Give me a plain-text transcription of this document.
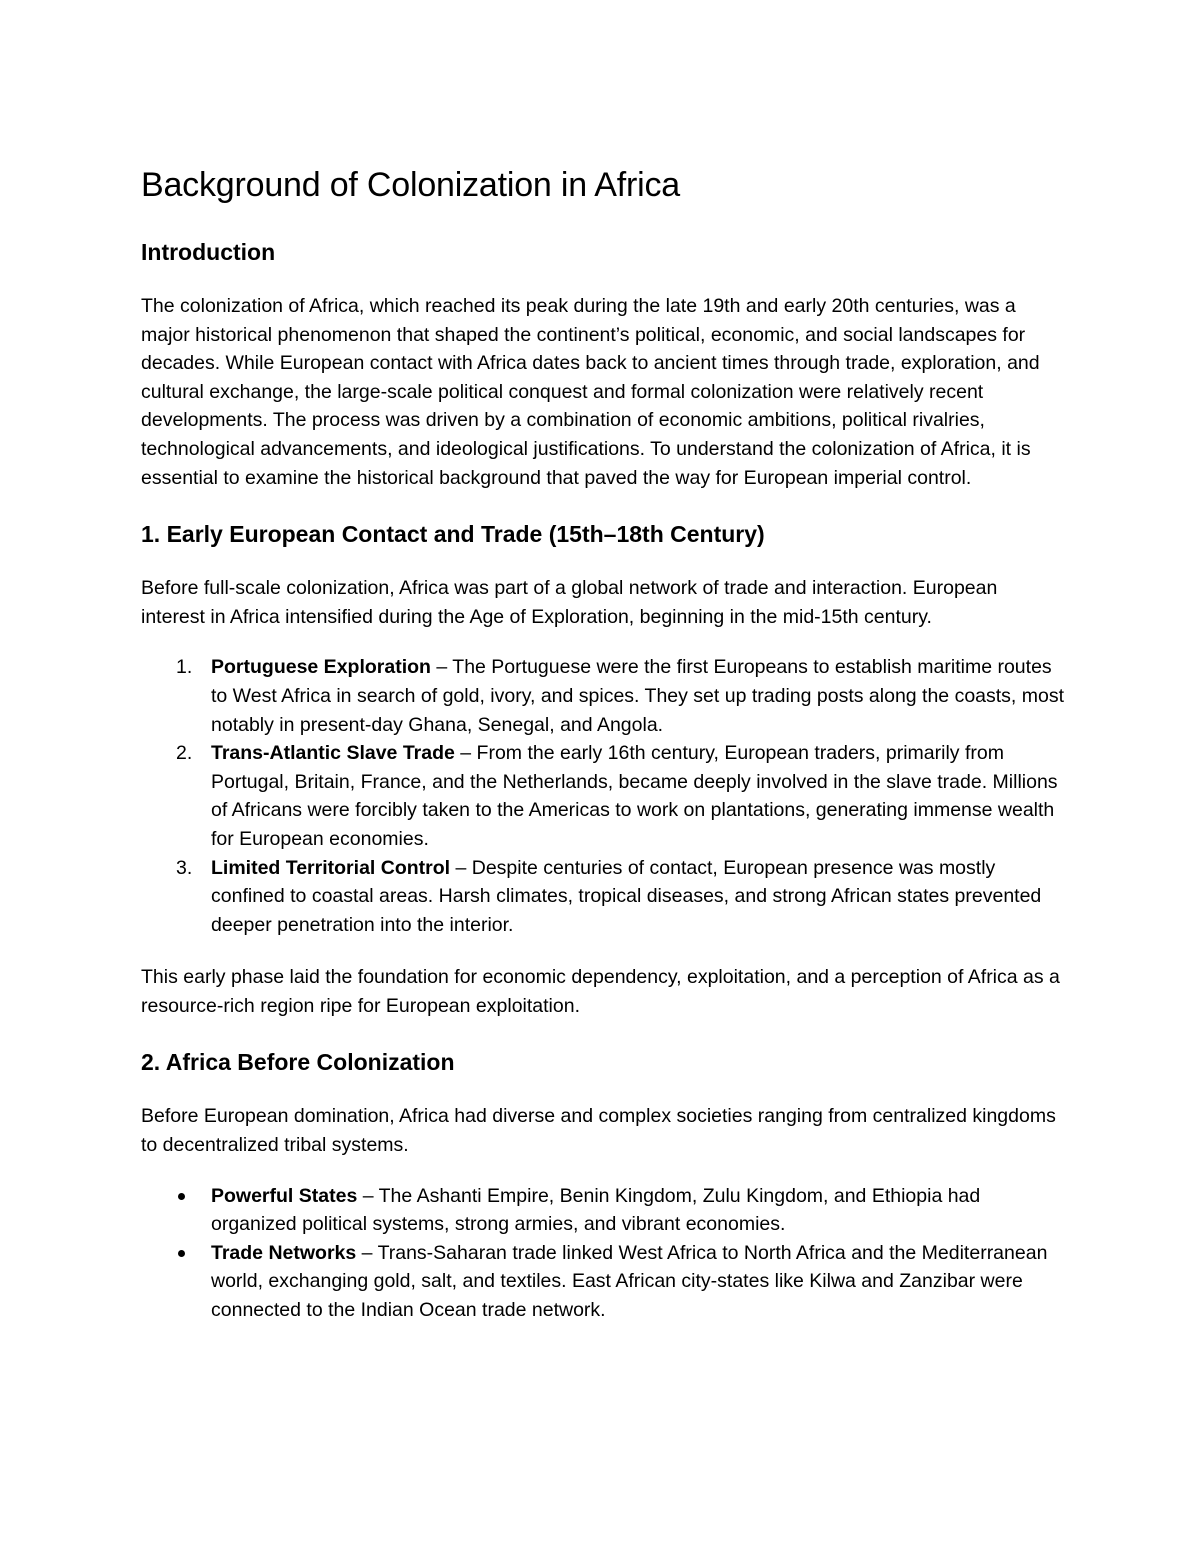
Background of Colonization in Africa
Introduction

The colonization of Africa, which reached its peak during the late 19th and early 20th centuries, was a major historical phenomenon that shaped the continent’s political, economic, and social landscapes for decades. While European contact with Africa dates back to ancient times through trade, exploration, and cultural exchange, the large-scale political conquest and formal colonization were relatively recent developments. The process was driven by a combination of economic ambitions, political rivalries, technological advancements, and ideological justifications. To understand the colonization of Africa, it is essential to examine the historical background that paved the way for European imperial control.

1. Early European Contact and Trade (15th–18th Century)

Before full-scale colonization, Africa was part of a global network of trade and interaction. European interest in Africa intensified during the Age of Exploration, beginning in the mid-15th century.

1. Portuguese Exploration – The Portuguese were the first Europeans to establish maritime routes to West Africa in search of gold, ivory, and spices. They set up trading posts along the coasts, most notably in present-day Ghana, Senegal, and Angola.
2. Trans-Atlantic Slave Trade – From the early 16th century, European traders, primarily from Portugal, Britain, France, and the Netherlands, became deeply involved in the slave trade. Millions of Africans were forcibly taken to the Americas to work on plantations, generating immense wealth for European economies.
3. Limited Territorial Control – Despite centuries of contact, European presence was mostly confined to coastal areas. Harsh climates, tropical diseases, and strong African states prevented deeper penetration into the interior.

This early phase laid the foundation for economic dependency, exploitation, and a perception of Africa as a resource-rich region ripe for European exploitation.

2. Africa Before Colonization

Before European domination, Africa had diverse and complex societies ranging from centralized kingdoms to decentralized tribal systems.

Powerful States – The Ashanti Empire, Benin Kingdom, Zulu Kingdom, and Ethiopia had organized political systems, strong armies, and vibrant economies.
Trade Networks – Trans-Saharan trade linked West Africa to North Africa and the Mediterranean world, exchanging gold, salt, and textiles. East African city-states like Kilwa and Zanzibar were connected to the Indian Ocean trade network.
